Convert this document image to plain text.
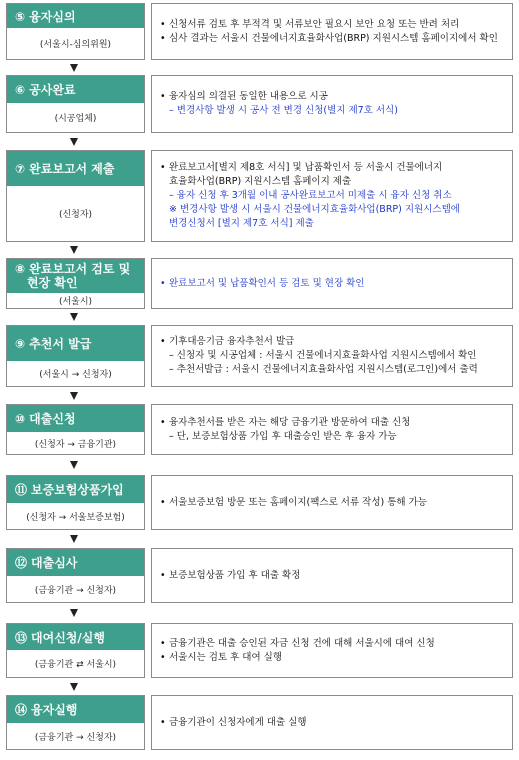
⑤ 융자심의
(서울시-심의위원)
• 신청서류 검토 후 부적격 및 서류보안 필요시 보안 요청 또는 반려 처리
• 심사 결과는 서울시 건물에너지효율화사업(BRP) 지원시스템 홈페이지에서 확인
⑥ 공사완료
(시공업체)
• 융자심의 의결된 동일한 내용으로 시공
– 변경사항 발생 시 공사 전 변경 신청(별지 제7호 서식)
⑦ 완료보고서 제출
(신청자)
• 완료보고서[별지 제8호 서식] 및 납품확인서 등 서울시 건물에너지
효율화사업(BRP) 지원시스템 홈페이지 제출
– 융자 신청 후 3개월 이내 공사완료보고서 미제출 시 융자 신청 취소
※ 변경사항 발생 시 서울시 건물에너지효율화사업(BRP) 지원시스템에
변경신청서 [별지 제7호 서식] 제출
⑧ 완료보고서 검토 및
현장 확인
(서울시)
• 완료보고서 및 납품확인서 등 검토 및 현장 확인
⑨ 추천서 발급
(서울시 → 신청자)
• 기후대응기금 융자추천서 발급
– 신청자 및 시공업체 : 서울시 건물에너지효율화사업 지원시스템에서 확인
– 추천서발급 : 서울시 건물에너지효율화사업 지원시스템(로그인)에서 출력
⑩ 대출신청
(신청자 → 금융기관)
• 융자추천서를 받은 자는 해당 금융기관 방문하여 대출 신청
– 단, 보증보험상품 가입 후 대출승인 받은 후 융자 가능
⑪ 보증보험상품가입
(신청자 → 서울보증보험)
• 서울보증보험 방문 또는 홈페이지(팩스로 서류 작성) 통해 가능
⑫ 대출심사
(금융기관 → 신청자)
• 보증보험상품 가입 후 대출 확정
⑬ 대여신청/실행
(금융기관 ⇄ 서울시)
• 금융기관은 대출 승인된 자금 신청 건에 대해 서울시에 대여 신청
• 서울시는 검토 후 대여 실행
⑭ 융자실행
(금융기관 → 신청자)
• 금융기관이 신청자에게 대출 실행
